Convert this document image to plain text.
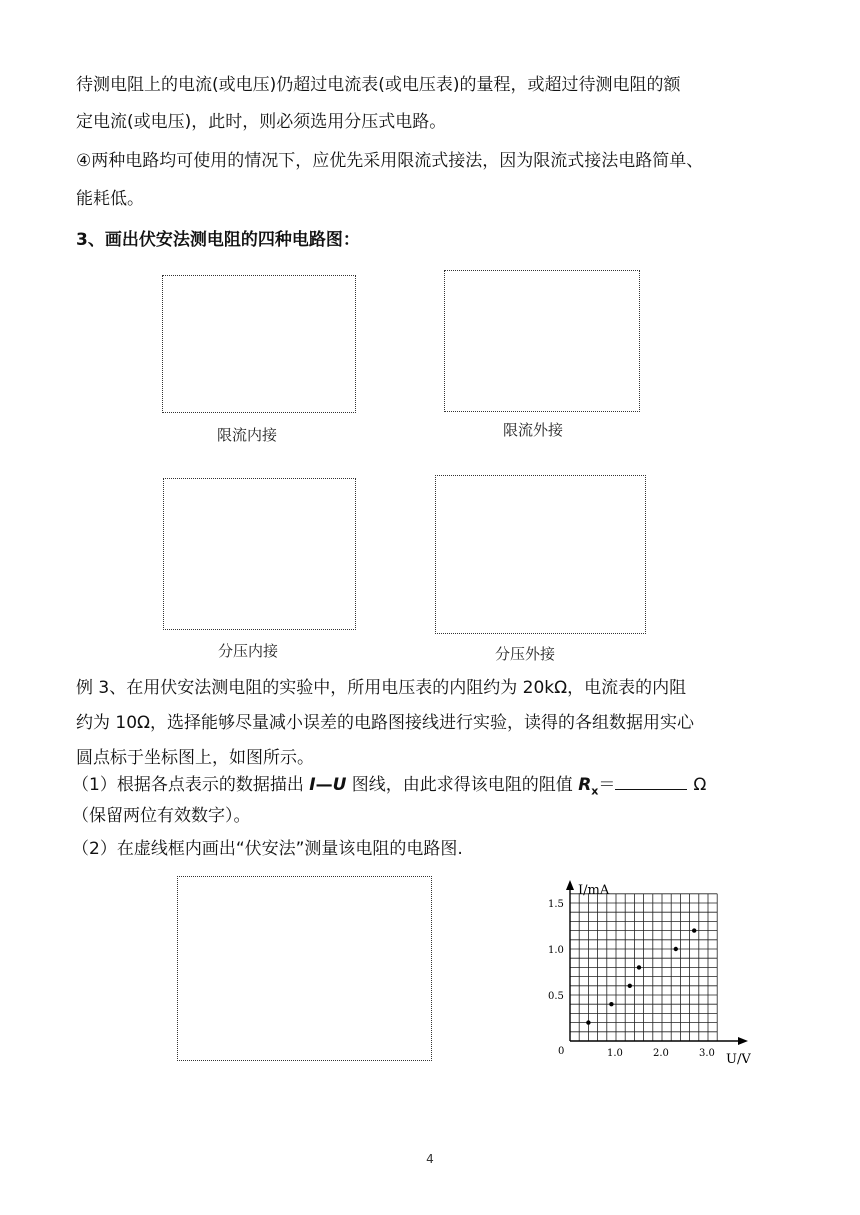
待测电阻上的电流(或电压)仍超过电流表(或电压表)的量程，或超过待测电阻的额
定电流(或电压)，此时，则必须选用分压式电路。
④两种电路均可使用的情况下，应优先采用限流式接法，因为限流式接法电路简单、
能耗低。
3、画出伏安法测电阻的四种电路图：
限流内接	限流外接
分压内接	分压外接
例 3、在用伏安法测电阻的实验中，所用电压表的内阻约为 20kΩ，电流表的内阻
约为 10Ω，选择能够尽量减小误差的电路图接线进行实验，读得的各组数据用实心
圆点标于坐标图上，如图所示。
（1）根据各点表示的数据描出 I—U 图线，由此求得该电阻的阻值 $R_x=$	Ω
（保留两位有效数字）。
（2）在虚线框内画出“伏安法”测量该电阻的电路图.
I/mA
U/V
0	1.0	2.0	3.0
0.5
1.0
1.5
4
